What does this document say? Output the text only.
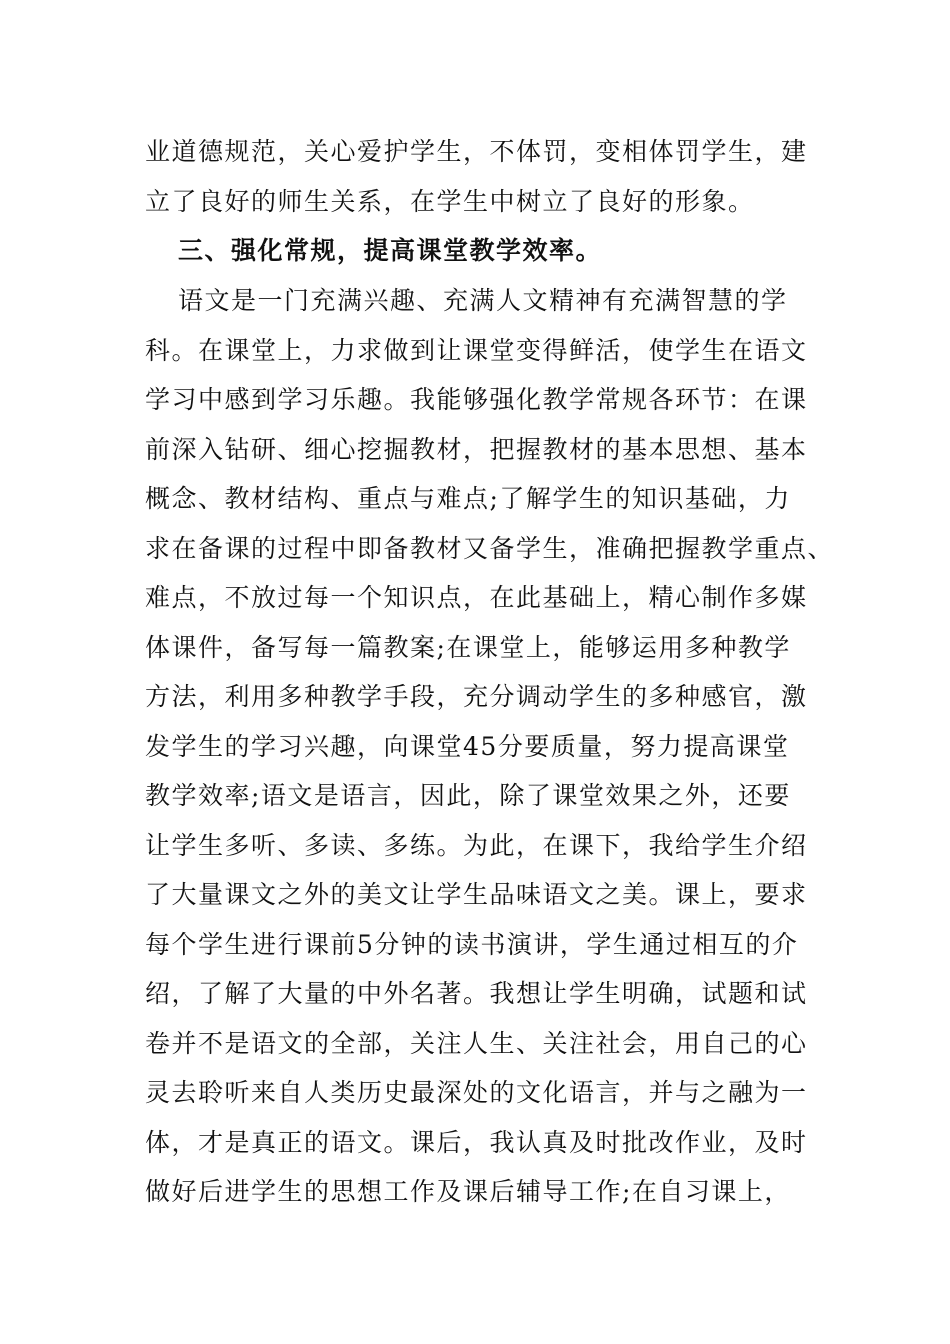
业道德规范，关心爱护学生，不体罚，变相体罚学生，建
立了良好的师生关系，在学生中树立了良好的形象。
三、强化常规，提高课堂教学效率。
语文是一门充满兴趣、充满人文精神有充满智慧的学
科。在课堂上，力求做到让课堂变得鲜活，使学生在语文
学习中感到学习乐趣。我能够强化教学常规各环节：在课
前深入钻研、细心挖掘教材，把握教材的基本思想、基本
概念、教材结构、重点与难点;了解学生的知识基础，力
求在备课的过程中即备教材又备学生，准确把握教学重点、
难点，不放过每一个知识点，在此基础上，精心制作多媒
体课件，备写每一篇教案;在课堂上，能够运用多种教学
方法，利用多种教学手段，充分调动学生的多种感官，激
发学生的学习兴趣，向课堂45分要质量，努力提高课堂
教学效率;语文是语言，因此，除了课堂效果之外，还要
让学生多听、多读、多练。为此，在课下，我给学生介绍
了大量课文之外的美文让学生品味语文之美。课上，要求
每个学生进行课前5分钟的读书演讲，学生通过相互的介
绍，了解了大量的中外名著。我想让学生明确，试题和试
卷并不是语文的全部，关注人生、关注社会，用自己的心
灵去聆听来自人类历史最深处的文化语言，并与之融为一
体，才是真正的语文。课后，我认真及时批改作业，及时
做好后进学生的思想工作及课后辅导工作;在自习课上，
